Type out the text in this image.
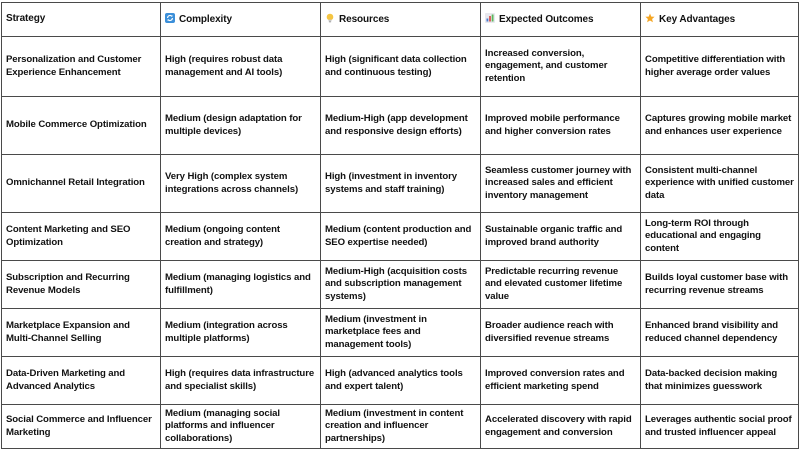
Strategy	Complexity	Resources	Expected Outcomes	Key Advantages
Personalization and Customer Experience Enhancement	High (requires robust data management and AI tools)	High (significant data collection and continuous testing)	Increased conversion, engagement, and customer retention	Competitive differentiation with higher average order values
Mobile Commerce Optimization	Medium (design adaptation for multiple devices)	Medium-High (app development and responsive design efforts)	Improved mobile performance and higher conversion rates	Captures growing mobile market and enhances user experience
Omnichannel Retail Integration	Very High (complex system integrations across channels)	High (investment in inventory systems and staff training)	Seamless customer journey with increased sales and efficient inventory management	Consistent multi-channel experience with unified customer data
Content Marketing and SEO Optimization	Medium (ongoing content creation and strategy)	Medium (content production and SEO expertise needed)	Sustainable organic traffic and improved brand authority	Long-term ROI through educational and engaging content
Subscription and Recurring Revenue Models	Medium (managing logistics and fulfillment)	Medium-High (acquisition costs and subscription management systems)	Predictable recurring revenue and elevated customer lifetime value	Builds loyal customer base with recurring revenue streams
Marketplace Expansion and Multi-Channel Selling	Medium (integration across multiple platforms)	Medium (investment in marketplace fees and management tools)	Broader audience reach with diversified revenue streams	Enhanced brand visibility and reduced channel dependency
Data-Driven Marketing and Advanced Analytics	High (requires data infrastructure and specialist skills)	High (advanced analytics tools and expert talent)	Improved conversion rates and efficient marketing spend	Data-backed decision making that minimizes guesswork
Social Commerce and Influencer Marketing	Medium (managing social platforms and influencer collaborations)	Medium (investment in content creation and influencer partnerships)	Accelerated discovery with rapid engagement and conversion	Leverages authentic social proof and trusted influencer appeal
